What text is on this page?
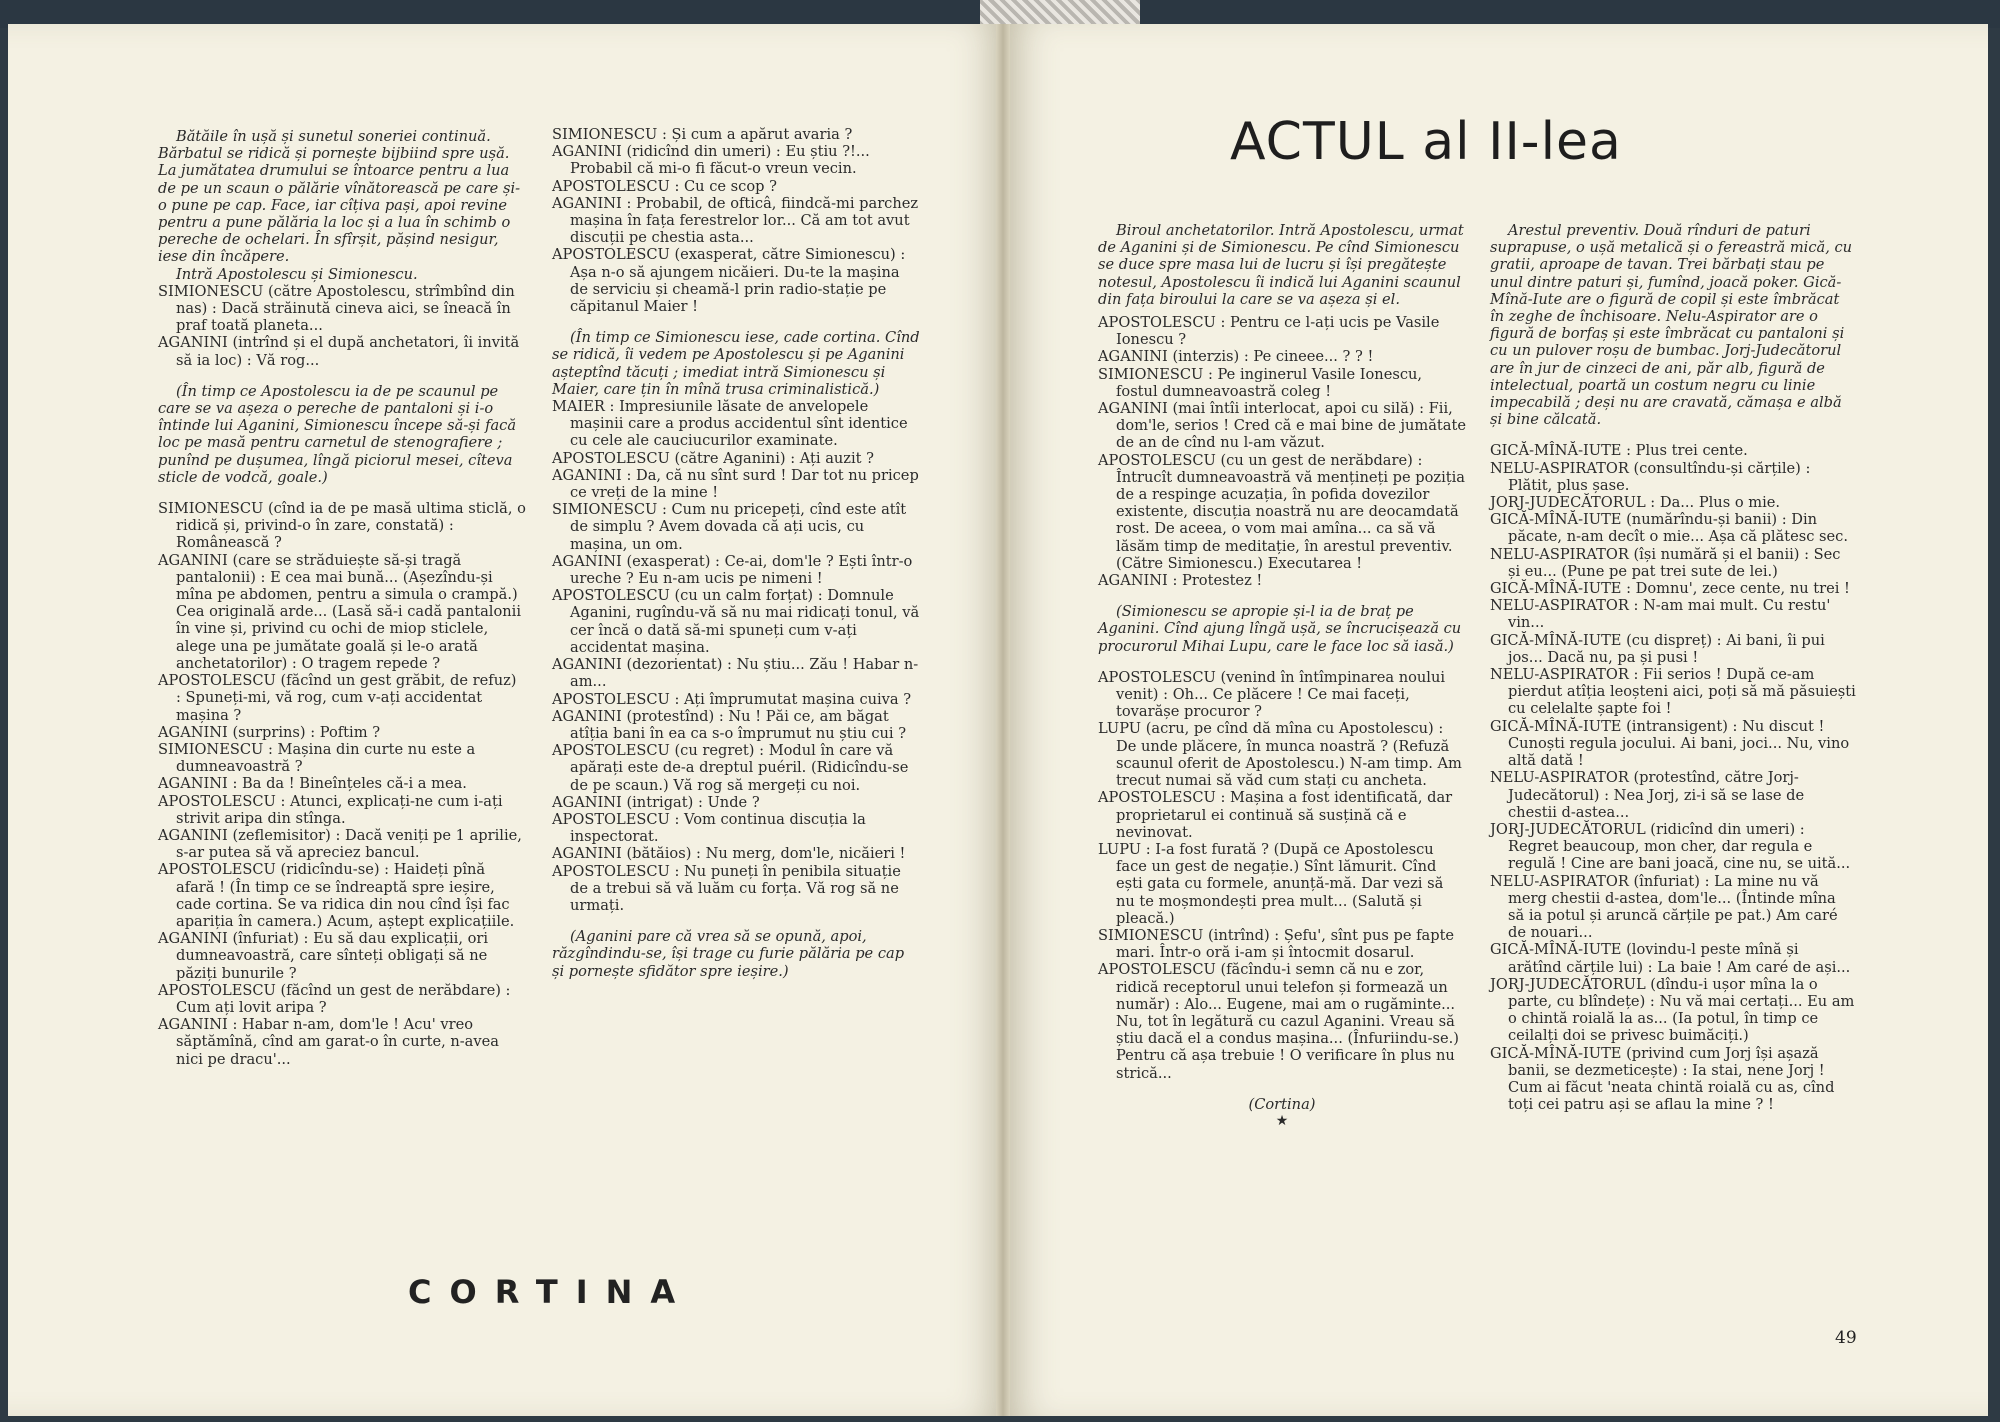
Bătăile în ușă și sunetul soneriei continuă. Bărbatul se ridică și pornește bijbiind spre ușă. La jumătatea drumului se întoarce pentru a lua de pe un scaun o pălărie vînătorească pe care și-o pune pe cap. Face, iar cîțiva pași, apoi revine pentru a pune pălăria la loc și a lua în schimb o pereche de ochelari. În sfîrșit, pășind nesigur, iese din încăpere.

Intră Apostolescu și Simionescu.

SIMIONESCU (către Apostolescu, strîmbînd din nas) : Dacă străinută cineva aici, se îneacă în praf toată planeta...

AGANINI (intrînd și el după anchetatori, îi invită să ia loc) : Vă rog...

(În timp ce Apostolescu ia de pe scaunul pe care se va așeza o pereche de pantaloni și i-o întinde lui Aganini, Simionescu începe să-și facă loc pe masă pentru carnetul de stenografiere ; punînd pe dușumea, lîngă piciorul mesei, cîteva sticle de vodcă, goale.)

SIMIONESCU (cînd ia de pe masă ultima sticlă, o ridică și, privind-o în zare, constată) : Românească ?

AGANINI (care se străduiește să-și tragă pantalonii) : E cea mai bună... (Așezîndu-și mîna pe abdomen, pentru a simula o crampă.) Cea originală arde... (Lasă să-i cadă pantalonii în vine și, privind cu ochi de miop sticlele, alege una pe jumătate goală și le-o arată anchetatorilor) : O tragem repede ?

APOSTOLESCU (făcînd un gest grăbit, de refuz) : Spuneți-mi, vă rog, cum v-ați accidentat mașina ?

AGANINI (surprins) : Poftim ?

SIMIONESCU : Mașina din curte nu este a dumneavoastră ?

AGANINI : Ba da ! Bineînțeles că-i a mea.

APOSTOLESCU : Atunci, explicați-ne cum i-ați strivit aripa din stînga.

AGANINI (zeflemisitor) : Dacă veniți pe 1 aprilie, s-ar putea să vă apreciez bancul.

APOSTOLESCU (ridicîndu-se) : Haideți pînă afară ! (În timp ce se îndreaptă spre ieșire, cade cortina. Se va ridica din nou cînd își fac apariția în camera.) Acum, aștept explicațiile.

AGANINI (înfuriat) : Eu să dau explicații, ori dumneavoastră, care sînteți obligați să ne păziți bunurile ?

APOSTOLESCU (făcînd un gest de nerăbdare) : Cum ați lovit aripa ?

AGANINI : Habar n-am, dom'le ! Acu' vreo săptămînă, cînd am garat-o în curte, n-avea nici pe dracu'...

SIMIONESCU : Și cum a apărut avaria ?

AGANINI (ridicînd din umeri) : Eu știu ?!... Probabil că mi-o fi făcut-o vreun vecin.

APOSTOLESCU : Cu ce scop ?

AGANINI : Probabil, de ofticâ, fiindcă-mi parchez mașina în fața ferestrelor lor... Că am tot avut discuții pe chestia asta...

APOSTOLESCU (exasperat, către Simionescu) : Așa n-o să ajungem nicăieri. Du-te la mașina de serviciu și cheamă-l prin radio-stație pe căpitanul Maier !

(În timp ce Simionescu iese, cade cortina. Cînd se ridică, îi vedem pe Apostolescu și pe Aganini așteptînd tăcuți ; imediat intră Simionescu și Maier, care țin în mînă trusa criminalistică.)

MAIER : Impresiunile lăsate de anvelopele mașinii care a produs accidentul sînt identice cu cele ale cauciucurilor examinate.

APOSTOLESCU (către Aganini) : Ați auzit ?

AGANINI : Da, că nu sînt surd ! Dar tot nu pricep ce vreți de la mine !

SIMIONESCU : Cum nu pricepeți, cînd este atît de simplu ? Avem dovada că ați ucis, cu mașina, un om.

AGANINI (exasperat) : Ce-ai, dom'le ? Ești într-o ureche ? Eu n-am ucis pe nimeni !

APOSTOLESCU (cu un calm forțat) : Domnule Aganini, rugîndu-vă să nu mai ridicați tonul, vă cer încă o dată să-mi spuneți cum v-ați accidentat mașina.

AGANINI (dezorientat) : Nu știu... Zău ! Habar n-am...

APOSTOLESCU : Ați împrumutat mașina cuiva ?

AGANINI (protestînd) : Nu ! Păi ce, am băgat atîția bani în ea ca s-o împrumut nu știu cui ?

APOSTOLESCU (cu regret) : Modul în care vă apărați este de-a dreptul puéril. (Ridicîndu-se de pe scaun.) Vă rog să mergeți cu noi.

AGANINI (intrigat) : Unde ?

APOSTOLESCU : Vom continua discuția la inspectorat.

AGANINI (bătăios) : Nu merg, dom'le, nicăieri !

APOSTOLESCU : Nu puneți în penibila situație de a trebui să vă luăm cu forța. Vă rog să ne urmați.

(Aganini pare că vrea să se opună, apoi, răzgîndindu-se, își trage cu furie pălăria pe cap și pornește sfidător spre ieșire.)

CORTINA
ACTUL al II-lea

Biroul anchetatorilor. Intră Apostolescu, urmat de Aganini și de Simionescu. Pe cînd Simionescu se duce spre masa lui de lucru și își pregătește notesul, Apostolescu îi indică lui Aganini scaunul din fața biroului la care se va așeza și el.

APOSTOLESCU : Pentru ce l-ați ucis pe Vasile Ionescu ?

AGANINI (interzis) : Pe cineee... ? ? !

SIMIONESCU : Pe inginerul Vasile Ionescu, fostul dumneavoastră coleg !

AGANINI (mai întîi interlocat, apoi cu silă) : Fii, dom'le, serios ! Cred că e mai bine de jumătate de an de cînd nu l-am văzut.

APOSTOLESCU (cu un gest de nerăbdare) : Întrucît dumneavoastră vă mențineți pe poziția de a respinge acuzația, în pofida dovezilor existente, discuția noastră nu are deocamdată rost. De aceea, o vom mai amîna... ca să vă lăsăm timp de meditație, în arestul preventiv. (Către Simionescu.) Executarea !

AGANINI : Protestez !

(Simionescu se apropie și-l ia de braț pe Aganini. Cînd ajung lîngă ușă, se încrucișează cu procurorul Mihai Lupu, care le face loc să iasă.)

APOSTOLESCU (venind în întîmpinarea noului venit) : Oh... Ce plăcere ! Ce mai faceți, tovarășe procuror ?

LUPU (acru, pe cînd dă mîna cu Apostolescu) : De unde plăcere, în munca noastră ? (Refuză scaunul oferit de Apostolescu.) N-am timp. Am trecut numai să văd cum stați cu ancheta.

APOSTOLESCU : Mașina a fost identificată, dar proprietarul ei continuă să susțină că e nevinovat.

LUPU : I-a fost furată ? (După ce Apostolescu face un gest de negație.) Sînt lămurit. Cînd ești gata cu formele, anunță-mă. Dar vezi să nu te moșmondești prea mult... (Salută și pleacă.)

SIMIONESCU (intrînd) : Șefu', sînt pus pe fapte mari. Într-o oră i-am și întocmit dosarul.

APOSTOLESCU (făcîndu-i semn că nu e zor, ridică receptorul unui telefon și formează un număr) : Alo... Eugene, mai am o rugăminte... Nu, tot în legătură cu cazul Aganini. Vreau să știu dacă el a condus mașina... (Înfuriindu-se.) Pentru că așa trebuie ! O verificare în plus nu strică...

(Cortina)

★

Arestul preventiv. Două rînduri de paturi suprapuse, o ușă metalică și o fereastră mică, cu gratii, aproape de tavan. Trei bărbați stau pe unul dintre paturi și, fumînd, joacă poker. Gică-Mînă-Iute are o figură de copil și este îmbrăcat în zeghe de închisoare. Nelu-Aspirator are o figură de borfaș și este îmbrăcat cu pantaloni și cu un pulover roșu de bumbac. Jorj-Judecătorul are în jur de cinzeci de ani, păr alb, figură de intelectual, poartă un costum negru cu linie impecabilă ; deși nu are cravată, cămașa e albă și bine călcată.

GICĂ-MÎNĂ-IUTE : Plus trei cente.

NELU-ASPIRATOR (consultîndu-și cărțile) : Plătit, plus șase.

JORJ-JUDECĂTORUL : Da... Plus o mie.

GICĂ-MÎNĂ-IUTE (numărîndu-și banii) : Din păcate, n-am decît o mie... Așa că plătesc sec.

NELU-ASPIRATOR (își numără și el banii) : Sec și eu... (Pune pe pat trei sute de lei.)

GICĂ-MÎNĂ-IUTE : Domnu', zece cente, nu trei !

NELU-ASPIRATOR : N-am mai mult. Cu restu' vin...

GICĂ-MÎNĂ-IUTE (cu dispreț) : Ai bani, îi pui jos... Dacă nu, pa și pusi !

NELU-ASPIRATOR : Fii serios ! După ce-am pierdut atîția leoșteni aici, poți să mă păsuiești cu celelalte șapte foi !

GICĂ-MÎNĂ-IUTE (intransigent) : Nu discut ! Cunoști regula jocului. Ai bani, joci... Nu, vino altă dată !

NELU-ASPIRATOR (protestînd, către Jorj-Judecătorul) : Nea Jorj, zi-i să se lase de chestii d-astea...

JORJ-JUDECĂTORUL (ridicînd din umeri) : Regret beaucoup, mon cher, dar regula e regulă ! Cine are bani joacă, cine nu, se uită...

NELU-ASPIRATOR (înfuriat) : La mine nu vă merg chestii d-astea, dom'le... (Întinde mîna să ia potul și aruncă cărțile pe pat.) Am caré de nouari...

GICĂ-MÎNĂ-IUTE (lovindu-l peste mînă și arătînd cărțile lui) : La baie ! Am caré de ași...

JORJ-JUDECĂTORUL (dîndu-i ușor mîna la o parte, cu blîndețe) : Nu vă mai certați... Eu am o chintă roială la as... (Ia potul, în timp ce ceilalți doi se privesc buimăciți.)

GICĂ-MÎNĂ-IUTE (privind cum Jorj își așază banii, se dezmeticește) : Ia stai, nene Jorj ! Cum ai făcut 'neata chintă roială cu as, cînd toți cei patru ași se aflau la mine ? !

49
